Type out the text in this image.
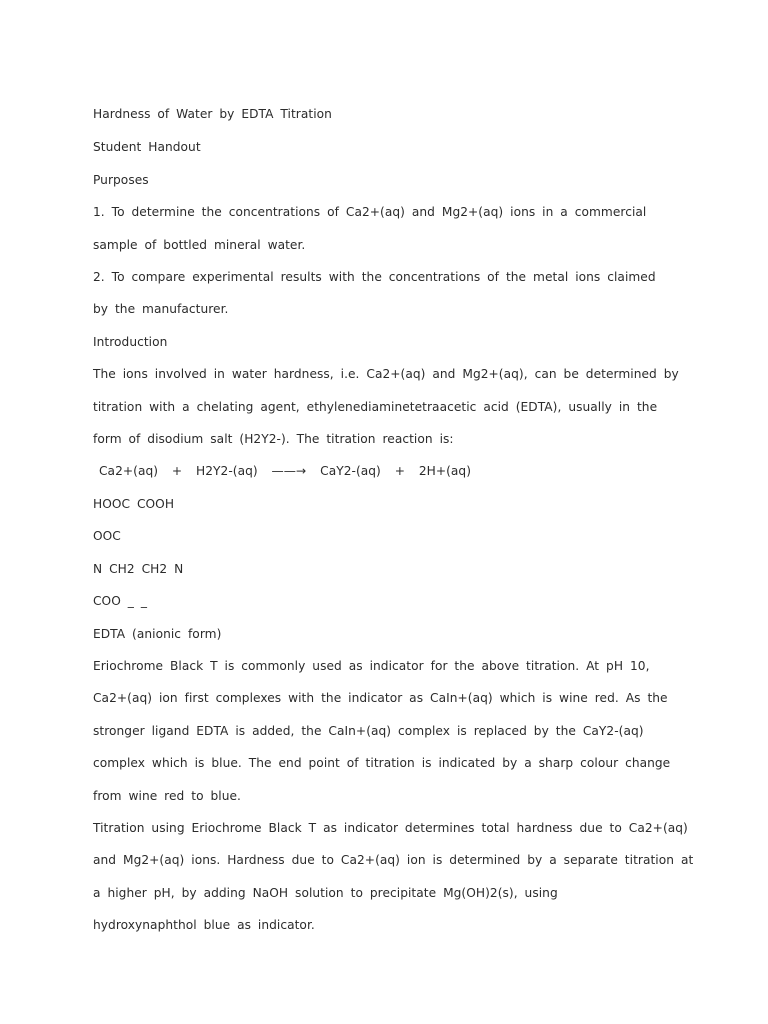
Hardness of Water by EDTA Titration
Student Handout
Purposes
1. To determine the concentrations of Ca2+(aq) and Mg2+(aq) ions in a commercial
sample of bottled mineral water.
2. To compare experimental results with the concentrations of the metal ions claimed
by the manufacturer.
Introduction
The ions involved in water hardness, i.e. Ca2+(aq) and Mg2+(aq), can be determined by
titration with a chelating agent, ethylenediaminetetraacetic acid (EDTA), usually in the
form of disodium salt (H2Y2-). The titration reaction is:
Ca2+(aq)  +  H2Y2-(aq)  ——→  CaY2-(aq)  +  2H+(aq)
HOOC COOH
OOC
N CH2 CH2 N
COO _ _
EDTA (anionic form)
Eriochrome Black T is commonly used as indicator for the above titration. At pH 10,
Ca2+(aq) ion first complexes with the indicator as CaIn+(aq) which is wine red. As the
stronger ligand EDTA is added, the CaIn+(aq) complex is replaced by the CaY2-(aq)
complex which is blue. The end point of titration is indicated by a sharp colour change
from wine red to blue.
Titration using Eriochrome Black T as indicator determines total hardness due to Ca2+(aq)
and Mg2+(aq) ions. Hardness due to Ca2+(aq) ion is determined by a separate titration at
a higher pH, by adding NaOH solution to precipitate Mg(OH)2(s), using
hydroxynaphthol blue as indicator.
